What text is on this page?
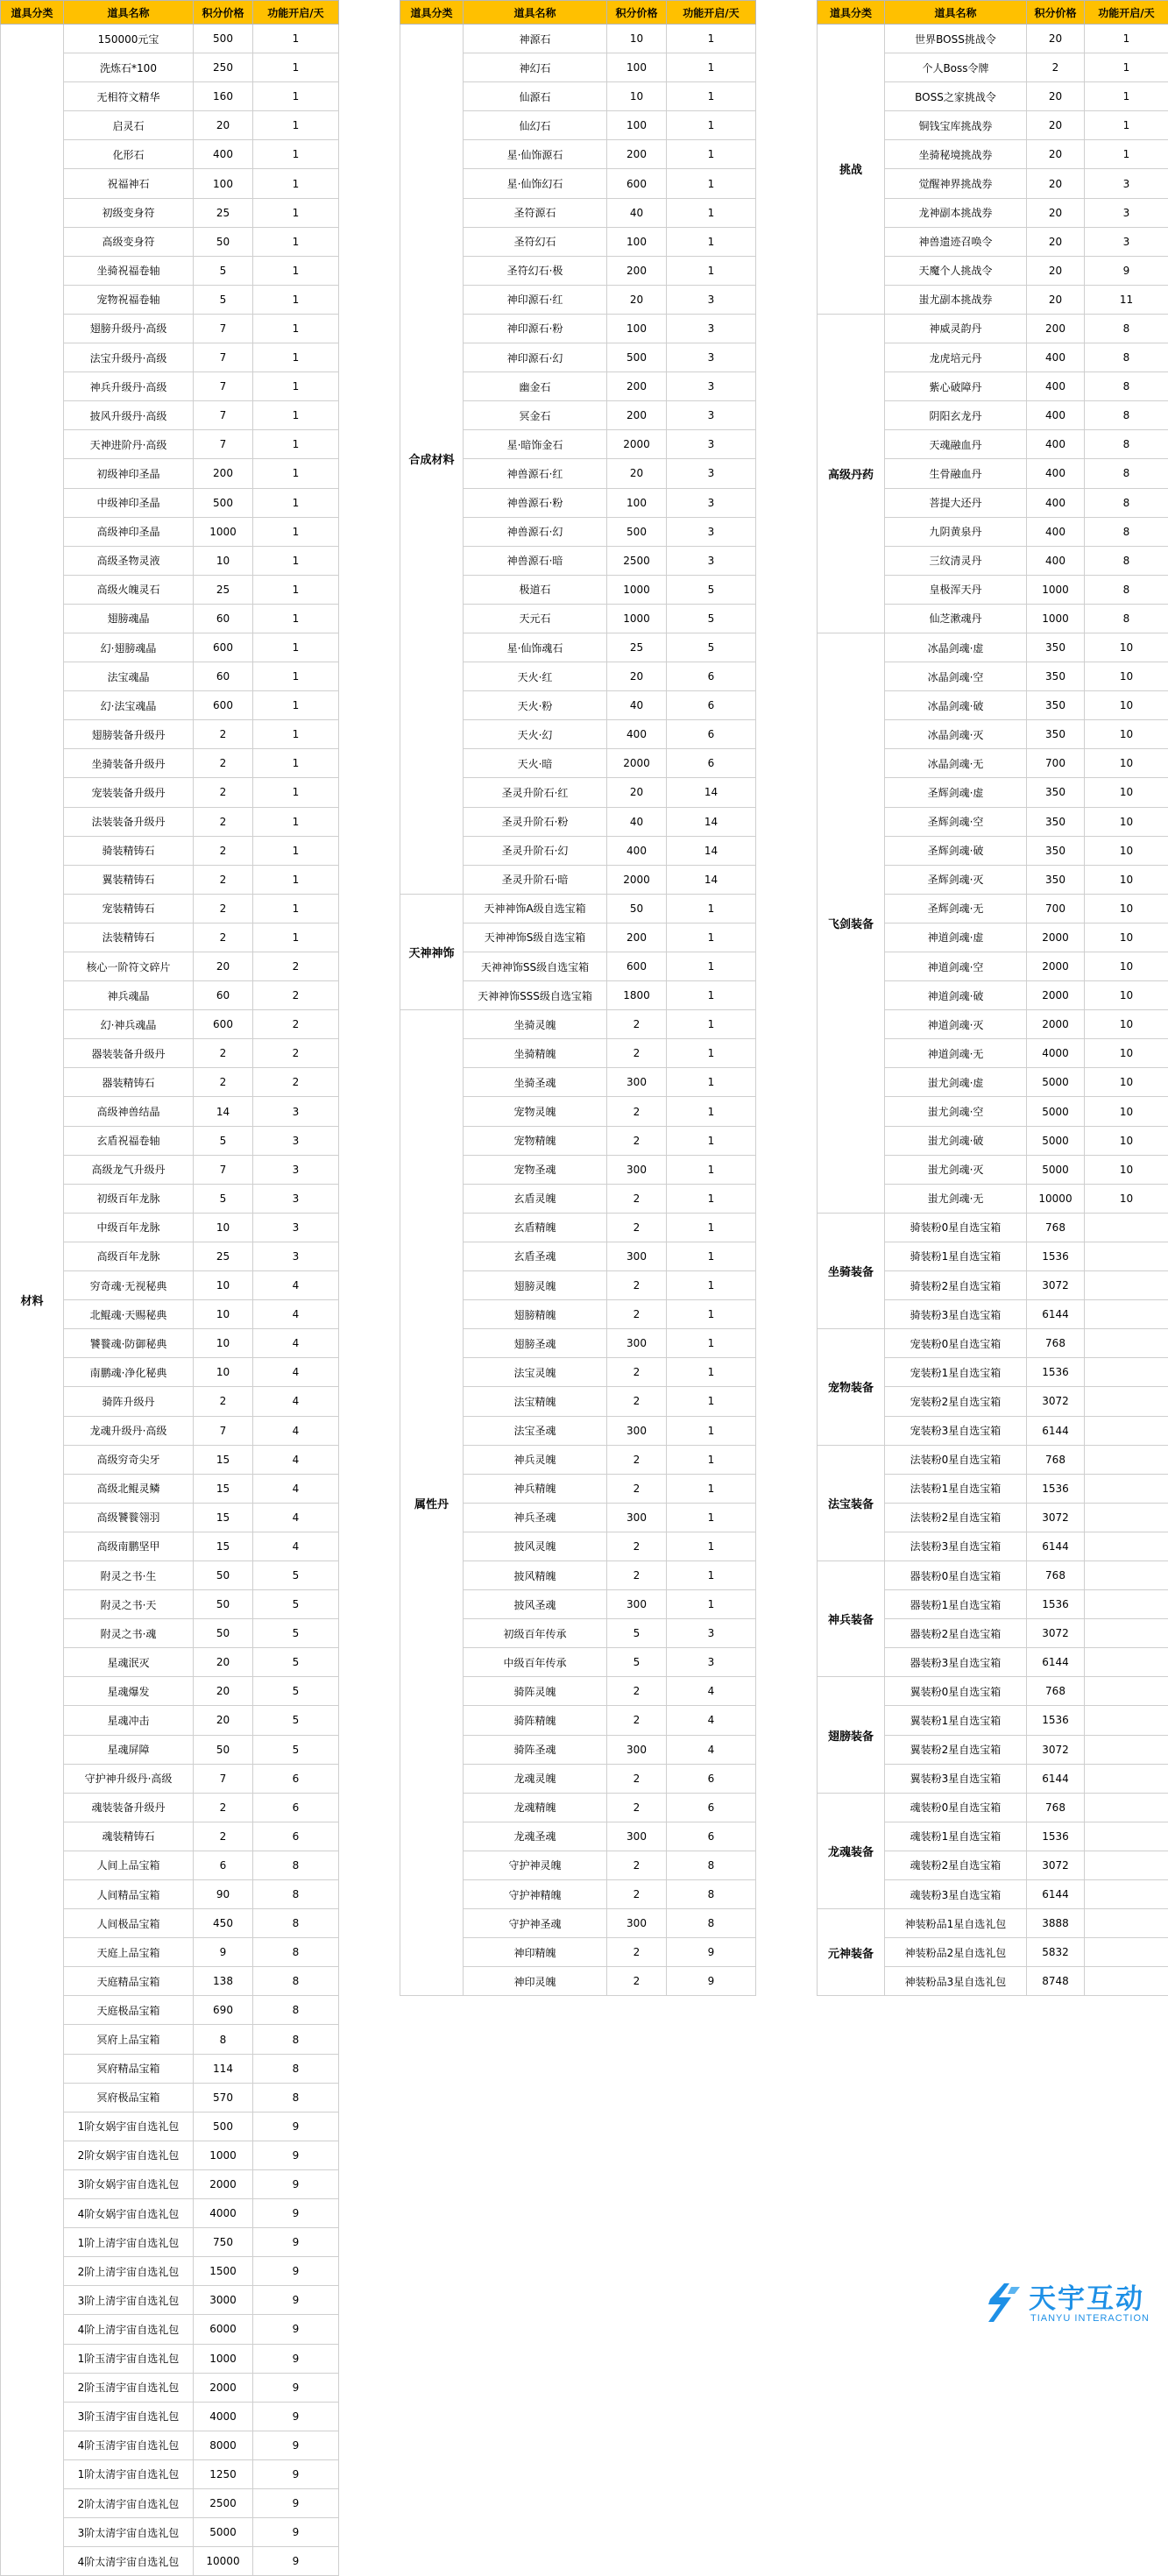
道具分类	道具名称	积分价格	功能开启/天
材料	150000元宝	500	1
	洗炼石*100	250	1
	无相符文精华	160	1
	启灵石	20	1
	化形石	400	1
	祝福神石	100	1
	初级变身符	25	1
	高级变身符	50	1
	坐骑祝福卷轴	5	1
	宠物祝福卷轴	5	1
	翅膀升级丹·高级	7	1
	法宝升级丹·高级	7	1
	神兵升级丹·高级	7	1
	披风升级丹·高级	7	1
	天神进阶丹·高级	7	1
	初级神印圣晶	200	1
	中级神印圣晶	500	1
	高级神印圣晶	1000	1
	高级圣物灵液	10	1
	高级火魄灵石	25	1
	翅膀魂晶	60	1
	幻·翅膀魂晶	600	1
	法宝魂晶	60	1
	幻·法宝魂晶	600	1
	翅膀装备升级丹	2	1
	坐骑装备升级丹	2	1
	宠装装备升级丹	2	1
	法装装备升级丹	2	1
	骑装精铸石	2	1
	翼装精铸石	2	1
	宠装精铸石	2	1
	法装精铸石	2	1
	核心一阶符文碎片	20	2
	神兵魂晶	60	2
	幻·神兵魂晶	600	2
	器装装备升级丹	2	2
	器装精铸石	2	2
	高级神兽结晶	14	3
	玄盾祝福卷轴	5	3
	高级龙气升级丹	7	3
	初级百年龙脉	5	3
	中级百年龙脉	10	3
	高级百年龙脉	25	3
	穷奇魂·无视秘典	10	4
	北鲲魂·天赐秘典	10	4
	饕餮魂·防御秘典	10	4
	南鹏魂·净化秘典	10	4
	骑阵升级丹	2	4
	龙魂升级丹·高级	7	4
	高级穷奇尖牙	15	4
	高级北鲲灵鳞	15	4
	高级饕餮翎羽	15	4
	高级南鹏坚甲	15	4
	附灵之书·生	50	5
	附灵之书·天	50	5
	附灵之书·魂	50	5
	星魂泯灭	20	5
	星魂爆发	20	5
	星魂冲击	20	5
	星魂屏障	50	5
	守护神升级丹·高级	7	6
	魂装装备升级丹	2	6
	魂装精铸石	2	6
	人间上品宝箱	6	8
	人间精品宝箱	90	8
	人间极品宝箱	450	8
	天庭上品宝箱	9	8
	天庭精品宝箱	138	8
	天庭极品宝箱	690	8
	冥府上品宝箱	8	8
	冥府精品宝箱	114	8
	冥府极品宝箱	570	8
	1阶女娲宇宙自选礼包	500	9
	2阶女娲宇宙自选礼包	1000	9
	3阶女娲宇宙自选礼包	2000	9
	4阶女娲宇宙自选礼包	4000	9
	1阶上清宇宙自选礼包	750	9
	2阶上清宇宙自选礼包	1500	9
	3阶上清宇宙自选礼包	3000	9
	4阶上清宇宙自选礼包	6000	9
	1阶玉清宇宙自选礼包	1000	9
	2阶玉清宇宙自选礼包	2000	9
	3阶玉清宇宙自选礼包	4000	9
	4阶玉清宇宙自选礼包	8000	9
	1阶太清宇宙自选礼包	1250	9
	2阶太清宇宙自选礼包	2500	9
	3阶太清宇宙自选礼包	5000	9
	4阶太清宇宙自选礼包	10000	9
道具分类	道具名称	积分价格	功能开启/天
合成材料	神源石	10	1
	神幻石	100	1
	仙源石	10	1
	仙幻石	100	1
	星·仙饰源石	200	1
	星·仙饰幻石	600	1
	圣符源石	40	1
	圣符幻石	100	1
	圣符幻石·极	200	1
	神印源石·红	20	3
	神印源石·粉	100	3
	神印源石·幻	500	3
	幽金石	200	3
	冥金石	200	3
	星·暗饰金石	2000	3
	神兽源石·红	20	3
	神兽源石·粉	100	3
	神兽源石·幻	500	3
	神兽源石·暗	2500	3
	极道石	1000	5
	天元石	1000	5
	星·仙饰魂石	25	5
	天火·红	20	6
	天火·粉	40	6
	天火·幻	400	6
	天火·暗	2000	6
	圣灵升阶石·红	20	14
	圣灵升阶石·粉	40	14
	圣灵升阶石·幻	400	14
	圣灵升阶石·暗	2000	14
天神神饰	天神神饰A级自选宝箱	50	1
	天神神饰S级自选宝箱	200	1
	天神神饰SS级自选宝箱	600	1
	天神神饰SSS级自选宝箱	1800	1
属性丹	坐骑灵魄	2	1
	坐骑精魄	2	1
	坐骑圣魂	300	1
	宠物灵魄	2	1
	宠物精魄	2	1
	宠物圣魂	300	1
	玄盾灵魄	2	1
	玄盾精魄	2	1
	玄盾圣魂	300	1
	翅膀灵魄	2	1
	翅膀精魄	2	1
	翅膀圣魂	300	1
	法宝灵魄	2	1
	法宝精魄	2	1
	法宝圣魂	300	1
	神兵灵魄	2	1
	神兵精魄	2	1
	神兵圣魂	300	1
	披风灵魄	2	1
	披风精魄	2	1
	披风圣魂	300	1
	初级百年传承	5	3
	中级百年传承	5	3
	骑阵灵魄	2	4
	骑阵精魄	2	4
	骑阵圣魂	300	4
	龙魂灵魄	2	6
	龙魂精魄	2	6
	龙魂圣魂	300	6
	守护神灵魄	2	8
	守护神精魄	2	8
	守护神圣魂	300	8
	神印精魄	2	9
	神印灵魄	2	9
道具分类	道具名称	积分价格	功能开启/天
挑战	世界BOSS挑战令	20	1
	个人Boss令牌	2	1
	BOSS之家挑战令	20	1
	铜钱宝库挑战券	20	1
	坐骑秘境挑战券	20	1
	觉醒神界挑战券	20	3
	龙神副本挑战券	20	3
	神兽遗迹召唤令	20	3
	天魔个人挑战令	20	9
	蚩尤副本挑战券	20	11
高级丹药	神威灵韵丹	200	8
	龙虎培元丹	400	8
	紫心破障丹	400	8
	阴阳玄龙丹	400	8
	天魂融血丹	400	8
	生骨融血丹	400	8
	菩提大还丹	400	8
	九阴黄泉丹	400	8
	三纹清灵丹	400	8
	皇极浑天丹	1000	8
	仙芝漱魂丹	1000	8
飞剑装备	冰晶剑魂·虚	350	10
	冰晶剑魂·空	350	10
	冰晶剑魂·破	350	10
	冰晶剑魂·灭	350	10
	冰晶剑魂·无	700	10
	圣辉剑魂·虚	350	10
	圣辉剑魂·空	350	10
	圣辉剑魂·破	350	10
	圣辉剑魂·灭	350	10
	圣辉剑魂·无	700	10
	神道剑魂·虚	2000	10
	神道剑魂·空	2000	10
	神道剑魂·破	2000	10
	神道剑魂·灭	2000	10
	神道剑魂·无	4000	10
	蚩尤剑魂·虚	5000	10
	蚩尤剑魂·空	5000	10
	蚩尤剑魂·破	5000	10
	蚩尤剑魂·灭	5000	10
	蚩尤剑魂·无	10000	10
坐骑装备	骑装粉0星自选宝箱	768	
	骑装粉1星自选宝箱	1536	
	骑装粉2星自选宝箱	3072	
	骑装粉3星自选宝箱	6144	
宠物装备	宠装粉0星自选宝箱	768	
	宠装粉1星自选宝箱	1536	
	宠装粉2星自选宝箱	3072	
	宠装粉3星自选宝箱	6144	
法宝装备	法装粉0星自选宝箱	768	
	法装粉1星自选宝箱	1536	
	法装粉2星自选宝箱	3072	
	法装粉3星自选宝箱	6144	
神兵装备	器装粉0星自选宝箱	768	
	器装粉1星自选宝箱	1536	
	器装粉2星自选宝箱	3072	
	器装粉3星自选宝箱	6144	
翅膀装备	翼装粉0星自选宝箱	768	
	翼装粉1星自选宝箱	1536	
	翼装粉2星自选宝箱	3072	
	翼装粉3星自选宝箱	6144	
龙魂装备	魂装粉0星自选宝箱	768	
	魂装粉1星自选宝箱	1536	
	魂装粉2星自选宝箱	3072	
	魂装粉3星自选宝箱	6144	
元神装备	神装粉品1星自选礼包	3888	
	神装粉品2星自选礼包	5832	
	神装粉品3星自选礼包	8748	
天宇互动
TIANYU INTERACTION
